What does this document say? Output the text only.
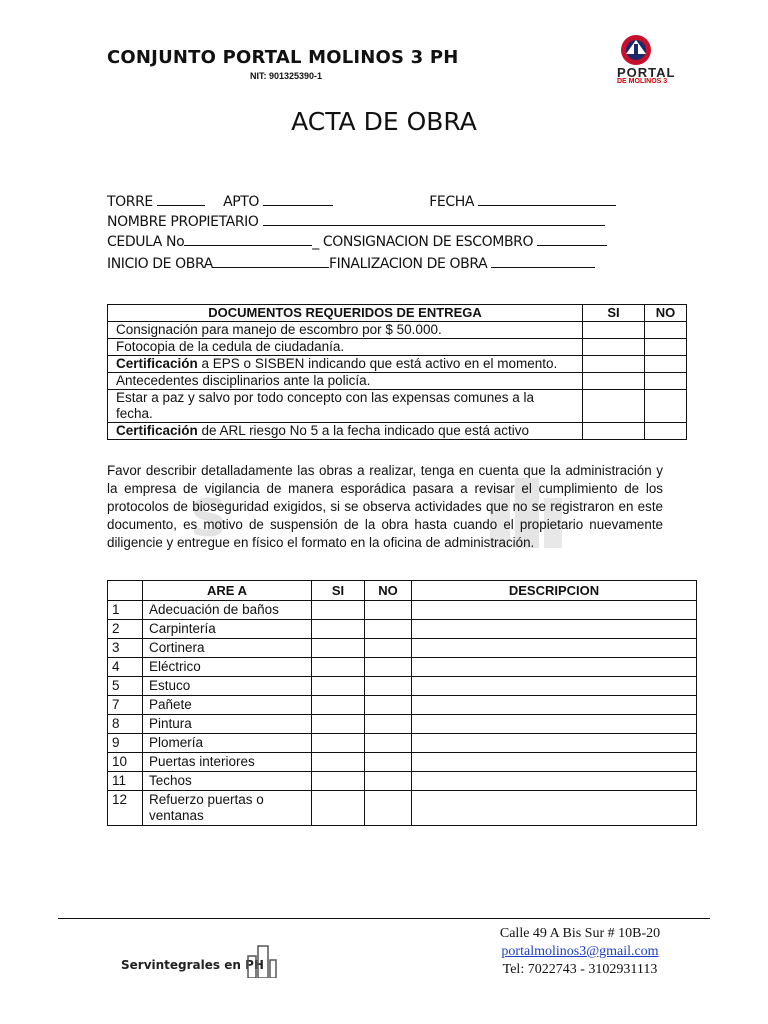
CONJUNTO PORTAL MOLINOS 3 PH
NIT: 901325390-1	PORTAL
DE MOLINOS 3
ACTA DE OBRA
TORRE	APTO	FECHA
NOMBRE PROPIETARIO
CEDULA No	_ CONSIGNACION DE ESCOMBRO
INICIO DE OBRA	FINALIZACION DE OBRA
DOCUMENTOS REQUERIDOS DE ENTREGA	SI	NO
Consignación para manejo de escombro por $ 50.000.		
Fotocopia de la cedula de ciudadanía.		
Certificación a EPS o SISBEN indicando que está activo en el momento.		
Antecedentes disciplinarios ante la policía.		
Estar a paz y salvo por todo concepto con las expensas comunes a la fecha.		
Certificación de ARL riesgo No 5 a la fecha indicado que está activo		
S
Favor describir detalladamente las obras a realizar, tenga en cuenta que la administración y la empresa de vigilancia de manera esporádica pasara a revisar el cumplimiento de los protocolos de bioseguridad exigidos, si se observa actividades que no se registraron en este documento, es motivo de suspensión de la obra hasta cuando el propietario nuevamente diligencie y entregue en físico el formato en la oficina de administración.
	ARE A	SI	NO	DESCRIPCION
1	Adecuación de baños			
2	Carpintería			
3	Cortinera			
4	Eléctrico			
5	Estuco			
7	Pañete			
8	Pintura			
9	Plomería			
10	Puertas interiores			
11	Techos			
12	Refuerzo puertas o ventanas			
Calle 49 A Bis Sur # 10B-20
portalmolinos3@gmail.com
Tel: 7022743 - 3102931113
Servintegrales en PH
